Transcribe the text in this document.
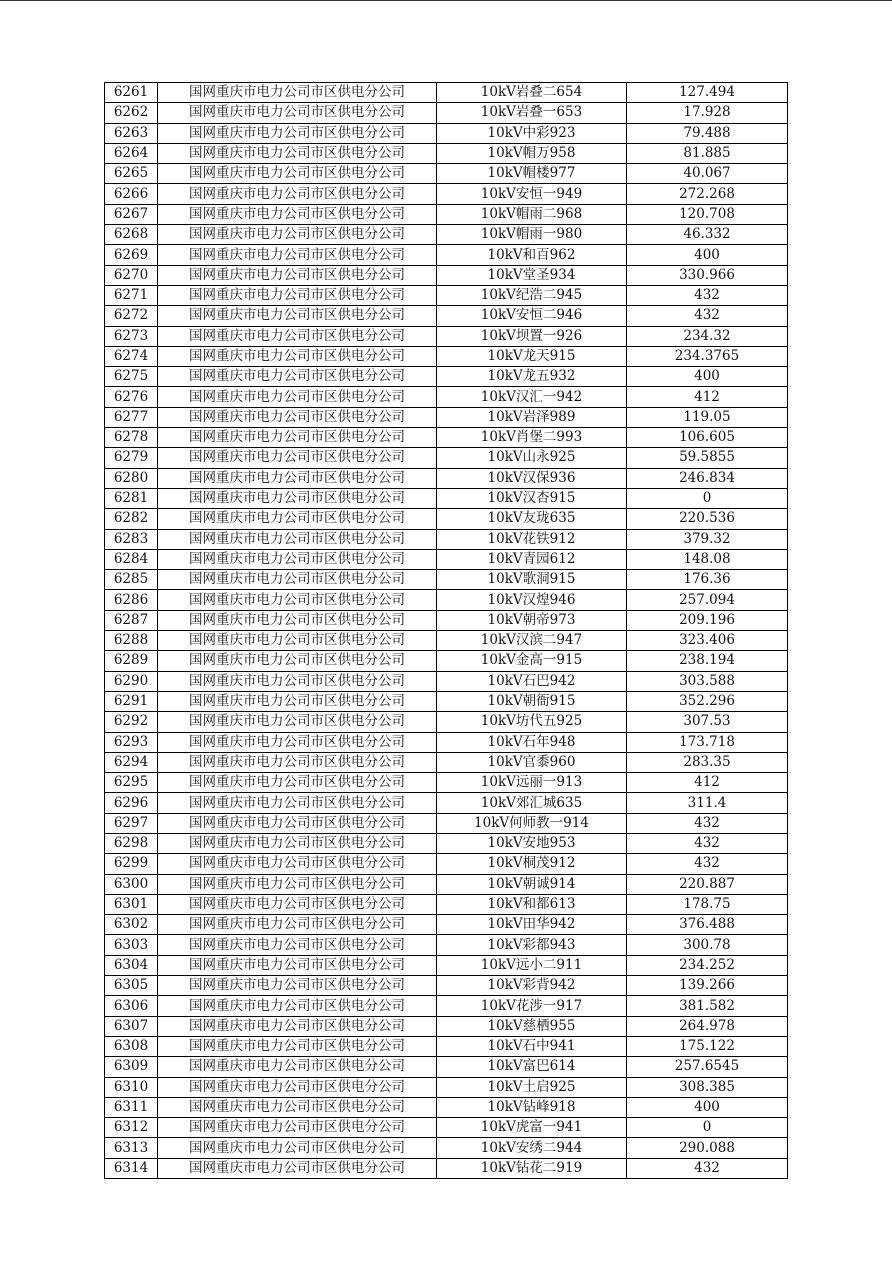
6261	国网重庆市电力公司市区供电分公司	10kV岩叠二654	127.494
6262	国网重庆市电力公司市区供电分公司	10kV岩叠一653	17.928
6263	国网重庆市电力公司市区供电分公司	10kV中彩923	79.488
6264	国网重庆市电力公司市区供电分公司	10kV帽万958	81.885
6265	国网重庆市电力公司市区供电分公司	10kV帽楼977	40.067
6266	国网重庆市电力公司市区供电分公司	10kV安恒一949	272.268
6267	国网重庆市电力公司市区供电分公司	10kV帽雨二968	120.708
6268	国网重庆市电力公司市区供电分公司	10kV帽雨一980	46.332
6269	国网重庆市电力公司市区供电分公司	10kV和百962	400
6270	国网重庆市电力公司市区供电分公司	10kV堂圣934	330.966
6271	国网重庆市电力公司市区供电分公司	10kV纪浩二945	432
6272	国网重庆市电力公司市区供电分公司	10kV安恒二946	432
6273	国网重庆市电力公司市区供电分公司	10kV坝置一926	234.32
6274	国网重庆市电力公司市区供电分公司	10kV龙天915	234.3765
6275	国网重庆市电力公司市区供电分公司	10kV龙五932	400
6276	国网重庆市电力公司市区供电分公司	10kV汉汇一942	412
6277	国网重庆市电力公司市区供电分公司	10kV岩泽989	119.05
6278	国网重庆市电力公司市区供电分公司	10kV肖堡二993	106.605
6279	国网重庆市电力公司市区供电分公司	10kV山永925	59.5855
6280	国网重庆市电力公司市区供电分公司	10kV汉保936	246.834
6281	国网重庆市电力公司市区供电分公司	10kV汉杏915	0
6282	国网重庆市电力公司市区供电分公司	10kV友珑635	220.536
6283	国网重庆市电力公司市区供电分公司	10kV花铁912	379.32
6284	国网重庆市电力公司市区供电分公司	10kV青园612	148.08
6285	国网重庆市电力公司市区供电分公司	10kV歌洞915	176.36
6286	国网重庆市电力公司市区供电分公司	10kV汉煌946	257.094
6287	国网重庆市电力公司市区供电分公司	10kV朝帝973	209.196
6288	国网重庆市电力公司市区供电分公司	10kV汉滨二947	323.406
6289	国网重庆市电力公司市区供电分公司	10kV金高一915	238.194
6290	国网重庆市电力公司市区供电分公司	10kV石巴942	303.588
6291	国网重庆市电力公司市区供电分公司	10kV朝衙915	352.296
6292	国网重庆市电力公司市区供电分公司	10kV坊代五925	307.53
6293	国网重庆市电力公司市区供电分公司	10kV石年948	173.718
6294	国网重庆市电力公司市区供电分公司	10kV官黍960	283.35
6295	国网重庆市电力公司市区供电分公司	10kV远丽一913	412
6296	国网重庆市电力公司市区供电分公司	10kV郊汇城635	311.4
6297	国网重庆市电力公司市区供电分公司	10kV何师教一914	432
6298	国网重庆市电力公司市区供电分公司	10kV安地953	432
6299	国网重庆市电力公司市区供电分公司	10kV桐茂912	432
6300	国网重庆市电力公司市区供电分公司	10kV朝诚914	220.887
6301	国网重庆市电力公司市区供电分公司	10kV和都613	178.75
6302	国网重庆市电力公司市区供电分公司	10kV田华942	376.488
6303	国网重庆市电力公司市区供电分公司	10kV彩都943	300.78
6304	国网重庆市电力公司市区供电分公司	10kV远小二911	234.252
6305	国网重庆市电力公司市区供电分公司	10kV彩背942	139.266
6306	国网重庆市电力公司市区供电分公司	10kV花涉一917	381.582
6307	国网重庆市电力公司市区供电分公司	10kV慈栖955	264.978
6308	国网重庆市电力公司市区供电分公司	10kV石中941	175.122
6309	国网重庆市电力公司市区供电分公司	10kV富巴614	257.6545
6310	国网重庆市电力公司市区供电分公司	10kV土启925	308.385
6311	国网重庆市电力公司市区供电分公司	10kV钻峰918	400
6312	国网重庆市电力公司市区供电分公司	10kV虎富一941	0
6313	国网重庆市电力公司市区供电分公司	10kV安绣二944	290.088
6314	国网重庆市电力公司市区供电分公司	10kV钻花二919	432
